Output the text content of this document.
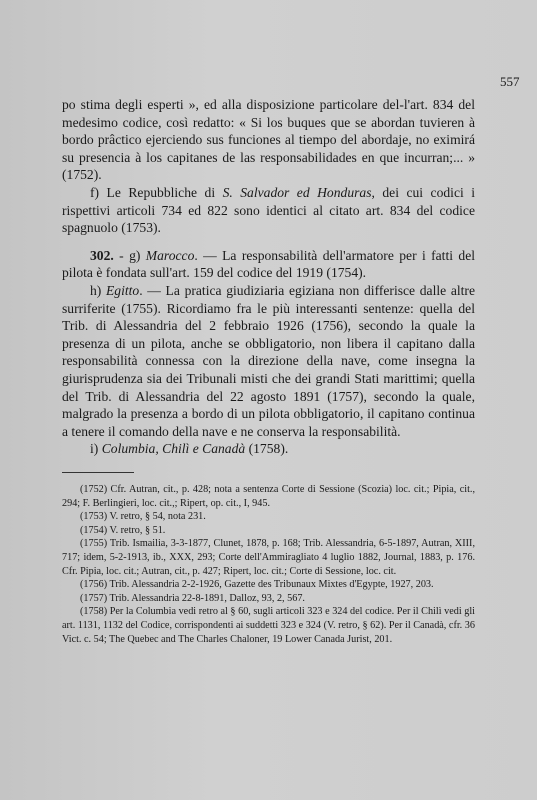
557

po stima degli esperti », ed alla disposizione particolare del-l'art. 834 del medesimo codice, così redatto: « Si los buques que se abordan tuvieren à bordo prâctico ejerciendo sus funciones al tiempo del abordaje, no eximirá su presencia à los capitanes de las responsabilidades en que incurran;... » (1752).

f) Le Repubbliche di S. Salvador ed Honduras, dei cui codici i rispettivi articoli 734 ed 822 sono identici al citato art. 834 del codice spagnuolo (1753).

302. - g) Marocco. — La responsabilità dell'armatore per i fatti del pilota è fondata sull'art. 159 del codice del 1919 (1754).

h) Egitto. — La pratica giudiziaria egiziana non differisce dalle altre surriferite (1755). Ricordiamo fra le più interessanti sentenze: quella del Trib. di Alessandria del 2 febbraio 1926 (1756), secondo la quale la presenza di un pilota, anche se obbligatorio, non libera il capitano dalla responsabilità connessa con la direzione della nave, come insegna la giurisprudenza sia dei Tribunali misti che dei grandi Stati marittimi; quella del Trib. di Alessandria del 22 agosto 1891 (1757), secondo la quale, malgrado la presenza a bordo di un pilota obbligatorio, il capitano continua a tenere il comando della nave e ne conserva la responsabilità.

i) Columbia, Chilì e Canadà (1758).

(1752) Cfr. Autran, cit., p. 428; nota a sentenza Corte di Sessione (Scozia) loc. cit.; Pipia, cit., 294; F. Berlingieri, loc. cit.,; Ripert, op. cit., I, 945.

(1753) V. retro, § 54, nota 231.

(1754) V. retro, § 51.

(1755) Trib. Ismailia, 3-3-1877, Clunet, 1878, p. 168; Trib. Alessandria, 6-5-1897, Autran, XIII, 717; idem, 5-2-1913, ib., XXX, 293; Corte dell'Ammiragliato 4 luglio 1882, Journal, 1883, p. 176. Cfr. Pipia, loc. cit.; Autran, cit., p. 427; Ripert, loc. cit.; Corte di Sessione, loc. cit.

(1756) Trib. Alessandria 2-2-1926, Gazette des Tribunaux Mixtes d'Egypte, 1927, 203.

(1757) Trib. Alessandria 22-8-1891, Dalloz, 93, 2, 567.

(1758) Per la Columbia vedi retro al § 60, sugli articoli 323 e 324 del codice. Per il Chilì vedi gli art. 1131, 1132 del Codice, corrispondenti ai suddetti 323 e 324 (V. retro, § 62). Per il Canadà, cfr. 36 Vict. c. 54; The Quebec and The Charles Chaloner, 19 Lower Canada Jurist, 201.
